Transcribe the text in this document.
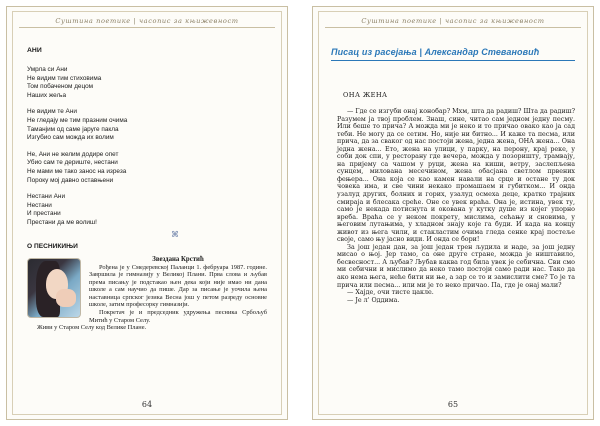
Суштина поетике | часопис за књижевност
АНИ
Умрла си Ани
Не видим тим стиховима
Том побаченом децом
Наших жеља
Не видим те Ани
Не гледају ме тим празним очима
Таманјим од саме јаруге пакла
Изгубио сам мождa их волим
Не, Ани не желим додире опет
Убио сам те дериште, нестани
Не мами ме тако занос на изреза
Пороку мој давно оставњени
Нестани Ани
Нестани
И престани
Престани да ме волиш!
⌘
О ПЕСНИКИЊИ
Звездана Крстић

Рођена је у Смедеревској Паланци 1. фебруара 1987. године. Завршила је гимназију у Великој Плани. Прва слова и љубав према писању је подстакао њен дека који није имао ни дана школе а сам научио да пише. Дар за писање је уочила њена наставница српског језика Весна још у петом разреду основне школе, затим професорку гимназији.

Покретач је и председник удружења песника Србољуб Митић у Старом Селу.

Живи у Старом Селу код Велике Плане.

64
Суштина поетике | часопис за књижевност
Писац из расејања | Александар Стевановић
ОНА ЖЕНА

— Где се изгуби онај конобар? Мхм, шта да радиш? Шта да радиш? Разумем ја твој проблем. Знаш, сине, читао сам једном једну песму. Или беше то прича? А можда ми је неко и то причао овако као ја сад теби. Не могу да се сетим. Но, није ни битно... И каже та песма, или прича, да за сваког од нас постоји жена, једна жена, ОНА жена... Она једна жена... Ето, жена на улици, у парку, на перону, крај реке, у соби док спи, у ресторану где вечера, можда у позоришту, трамвају, на пријему са чашом у руци, жена на киши, ветру, заслепљена сунцем, милована месечином, жена обасјана светлом првених фењера... Она која се као камен навали на срце и остане ту док човека има, и све чини некако промашаем и губитком... И онда узалуд других, болних и горих, узалуд осмеха деце, кратко трајних смирaја и блесака среће. Оне се увек враћа. Она је, истина, увек ту, само је некада потиснута и окована у кутку душе из којег упорно вреба. Враћа се у неком покрету, мислима, сећању и сновима, у његовим лутањима, у хладном знају које га буди. И када на концу живот из њега чили, и стаклaстим очима гледа сенке крај постеље своје, само њу јасно види. И онда се бори!

За још један дан, за још један трен људила и наде, за још једну мисао о њој. Јер тамо, са оне друге стране, можда је ништавило, бесвесност... А љубав? Љубав каква год била увек је себична. Сви смо ми себични и мислимо да неко тамо постоји само ради нас. Тако да ако нема њега, неће бити ни ње, а зар се то и замислити сме? То је та прича или песма... или ми је то неко причао. Па, где је онај мали?

— Хајде, очи тисте цакле.

— Је л' Оддима.

65
